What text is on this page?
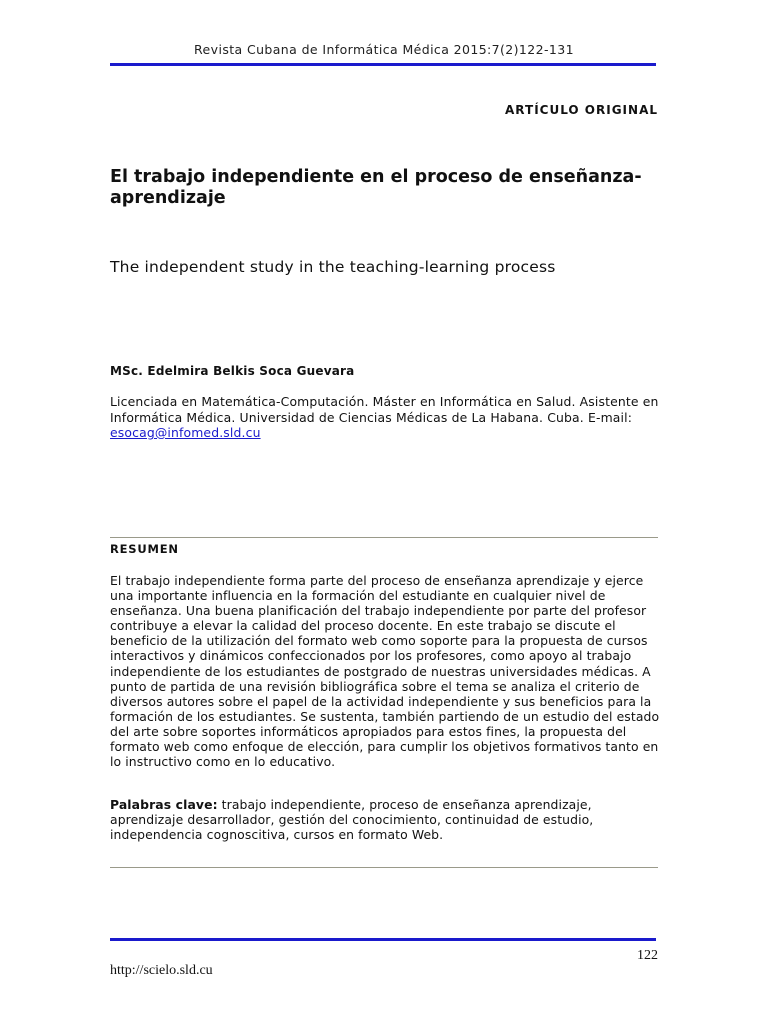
Revista Cubana de Informática Médica 2015:7(2)122-131
ARTÍCULO ORIGINAL
El trabajo independiente en el proceso de enseñanza-aprendizaje
The independent study in the teaching-learning process
MSc. Edelmira Belkis Soca Guevara
Licenciada en Matemática-Computación. Máster en Informática en Salud. Asistente en Informática Médica. Universidad de Ciencias Médicas de La Habana. Cuba. E-mail: esocag@infomed.sld.cu
RESUMEN
El trabajo independiente forma parte del proceso de enseñanza aprendizaje y ejerce una importante influencia en la formación del estudiante en cualquier nivel de enseñanza. Una buena planificación del trabajo independiente por parte del profesor contribuye a elevar la calidad del proceso docente. En este trabajo se discute el beneficio de la utilización del formato web como soporte para la propuesta de cursos interactivos y dinámicos confeccionados por los profesores, como apoyo al trabajo independiente de los estudiantes de postgrado de nuestras universidades médicas. A punto de partida de una revisión bibliográfica sobre el tema se analiza el criterio de diversos autores sobre el papel de la actividad independiente y sus beneficios para la formación de los estudiantes. Se sustenta, también partiendo de un estudio del estado del arte sobre soportes informáticos apropiados para estos fines, la propuesta del formato web como enfoque de elección, para cumplir los objetivos formativos tanto en lo instructivo como en lo educativo.
Palabras clave: trabajo independiente, proceso de enseñanza aprendizaje, aprendizaje desarrollador, gestión del conocimiento, continuidad de estudio, independencia cognoscitiva, cursos en formato Web.
122
http://scielo.sld.cu
